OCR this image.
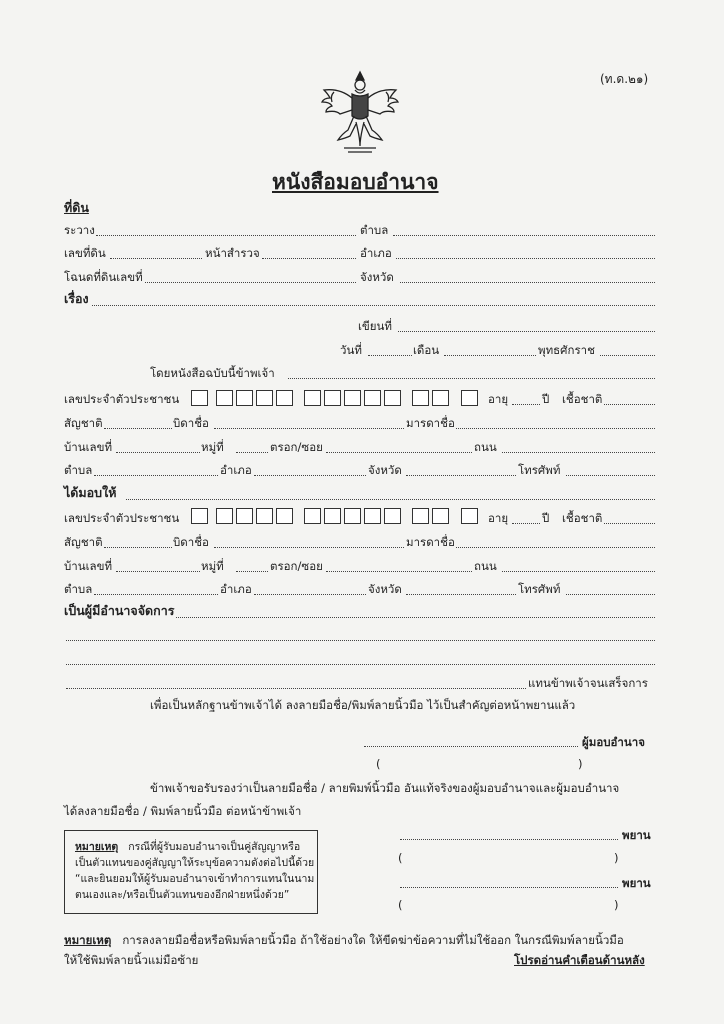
(ท.ด.๒๑)
หนังสือมอบอำนาจ
ที่ดิน
ระวาง	ตำบล
เลขที่ดิน	หน้าสำรวจ	อำเภอ
โฉนดที่ดินเลขที่	จังหวัด
เรื่อง
เขียนที่
วันที่	เดือน	พุทธศักราช
โดยหนังสือฉบับนี้ข้าพเจ้า
เลขประจำตัวประชาชน	อายุ	ปี เชื้อชาติ
สัญชาติ	บิดาชื่อ	มารดาชื่อ
บ้านเลขที่	หมู่ที่	ตรอก/ซอย	ถนน
ตำบล	อำเภอ	จังหวัด	โทรศัพท์
ได้มอบให้
เลขประจำตัวประชาชน	อายุ	ปี เชื้อชาติ
สัญชาติ	บิดาชื่อ	มารดาชื่อ
บ้านเลขที่	หมู่ที่	ตรอก/ซอย	ถนน
ตำบล	อำเภอ	จังหวัด	โทรศัพท์
เป็นผู้มีอำนาจจัดการ
แทนข้าพเจ้าจนเสร็จการ
เพื่อเป็นหลักฐานข้าพเจ้าได้ ลงลายมือชื่อ/พิมพ์ลายนิ้วมือ ไว้เป็นสำคัญต่อหน้าพยานแล้ว
ผู้มอบอำนาจ
(	)
ข้าพเจ้าขอรับรองว่าเป็นลายมือชื่อ / ลายพิมพ์นิ้วมือ อันแท้จริงของผู้มอบอำนาจและผู้มอบอำนาจ
ได้ลงลายมือชื่อ / พิมพ์ลายนิ้วมือ ต่อหน้าข้าพเจ้า
หมายเหตุ กรณีที่ผู้รับมอบอำนาจเป็นคู่สัญญาหรือ
เป็นตัวแทนของคู่สัญญาให้ระบุข้อความดังต่อไปนี้ด้วย
“และยินยอมให้ผู้รับมอบอำนาจเข้าทำการแทนในนาม
ตนเองและ/หรือเป็นตัวแทนของอีกฝ่ายหนึ่งด้วย”
พยาน
(	)
พยาน
(	)
หมายเหตุ การลงลายมือชื่อหรือพิมพ์ลายนิ้วมือ ถ้าใช้อย่างใด ให้ขีดฆ่าข้อความที่ไม่ใช้ออก ในกรณีพิมพ์ลายนิ้วมือ
ให้ใช้พิมพ์ลายนิ้วแม่มือซ้าย	โปรดอ่านคำเตือนด้านหลัง
